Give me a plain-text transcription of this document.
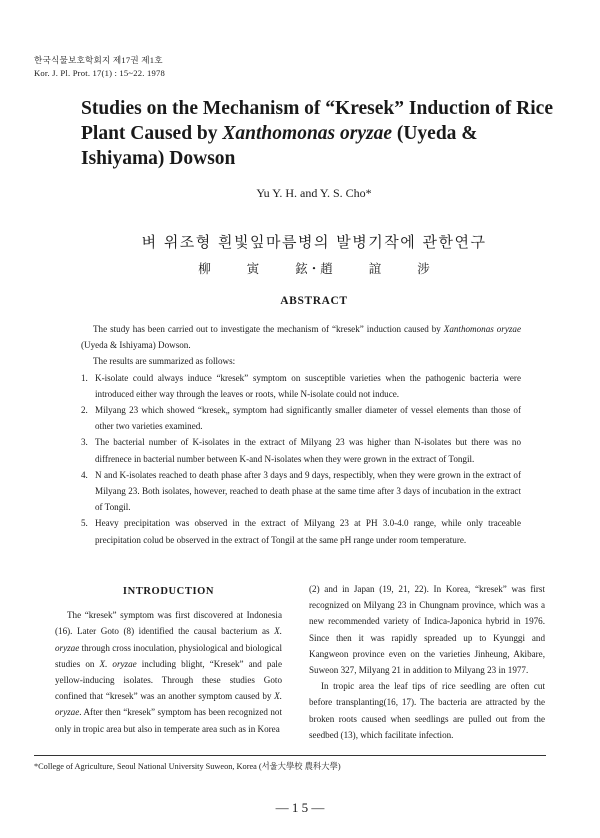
한국식물보호학회지 제17권 제1호
Kor. J. Pl. Prot. 17(1) : 15~22. 1978
Studies on the Mechanism of “Kresek” Induction of Rice Plant Caused by Xanthomonas oryzae (Uyeda & Ishiyama) Dowson
Yu Y. H. and Y. S. Cho*
벼 위조형 흰빛잎마름병의 발병기작에 관한연구
柳 寅 鉉・趙 誼 涉
ABSTRACT

The study has been carried out to investigate the mechanism of “kresek” induction caused by Xanthomonas oryzae (Uyeda & Ishiyama) Dowson.

The results are summarized as follows:

1. K-isolate could always induce “kresek” symptom on susceptible varieties when the pathogenic bacteria were introduced either way through the leaves or roots, while N-isolate could not induce.
2. Milyang 23 which showed “kresek„ symptom had significantly smaller diameter of vessel elements than those of other two varieties examined.
3. The bacterial number of K-isolates in the extract of Milyang 23 was higher than N-isolates but there was no diffrenece in bacterial number between K-and N-isolates when they were grown in the extract of Tongil.
4. N and K-isolates reached to death phase after 3 days and 9 days, respectibly, when they were grown in the extract of Milyang 23. Both isolates, however, reached to death phase at the same time after 3 days of incubation in the extract of Tongil.
5. Heavy precipitation was observed in the extract of Milyang 23 at PH 3.0-4.0 range, while only traceable precipitation colud be observed in the extract of Tongil at the same pH range under room temperature.

INTRODUCTION

The “kresek” symptom was first discovered at Indonesia (16). Later Goto (8) identified the causal bacterium as X. oryzae through cross inoculation, physiological and biological studies on X. oryzae including blight, “Kresek” and pale yellow-inducing isolates. Through these studies Goto confined that “kresek” was an another symptom caused by X. oryzae. After then “kresek” symptom has been recognized not only in tropic area but also in temperate area such as in Korea

(2) and in Japan (19, 21, 22). In Korea, “kresek” was first recognized on Milyang 23 in Chungnam province, which was a new recommended variety of Indica-Japonica hybrid in 1976. Since then it was rapidly spreaded up to Kyunggi and Kangweon province even on the varieties Jinheung, Akibare, Suweon 327, Milyang 21 in addition to Milyang 23 in 1977.

In tropic area the leaf tips of rice seedling are often cut before transplanting(16, 17). The bacteria are attracted by the broken roots caused when seedlings are pulled out from the seedbed (13), which facilitate infection.

*College of Agriculture, Seoul National University Suweon, Korea (서울大學校 農科大學)
— 1 5 —
